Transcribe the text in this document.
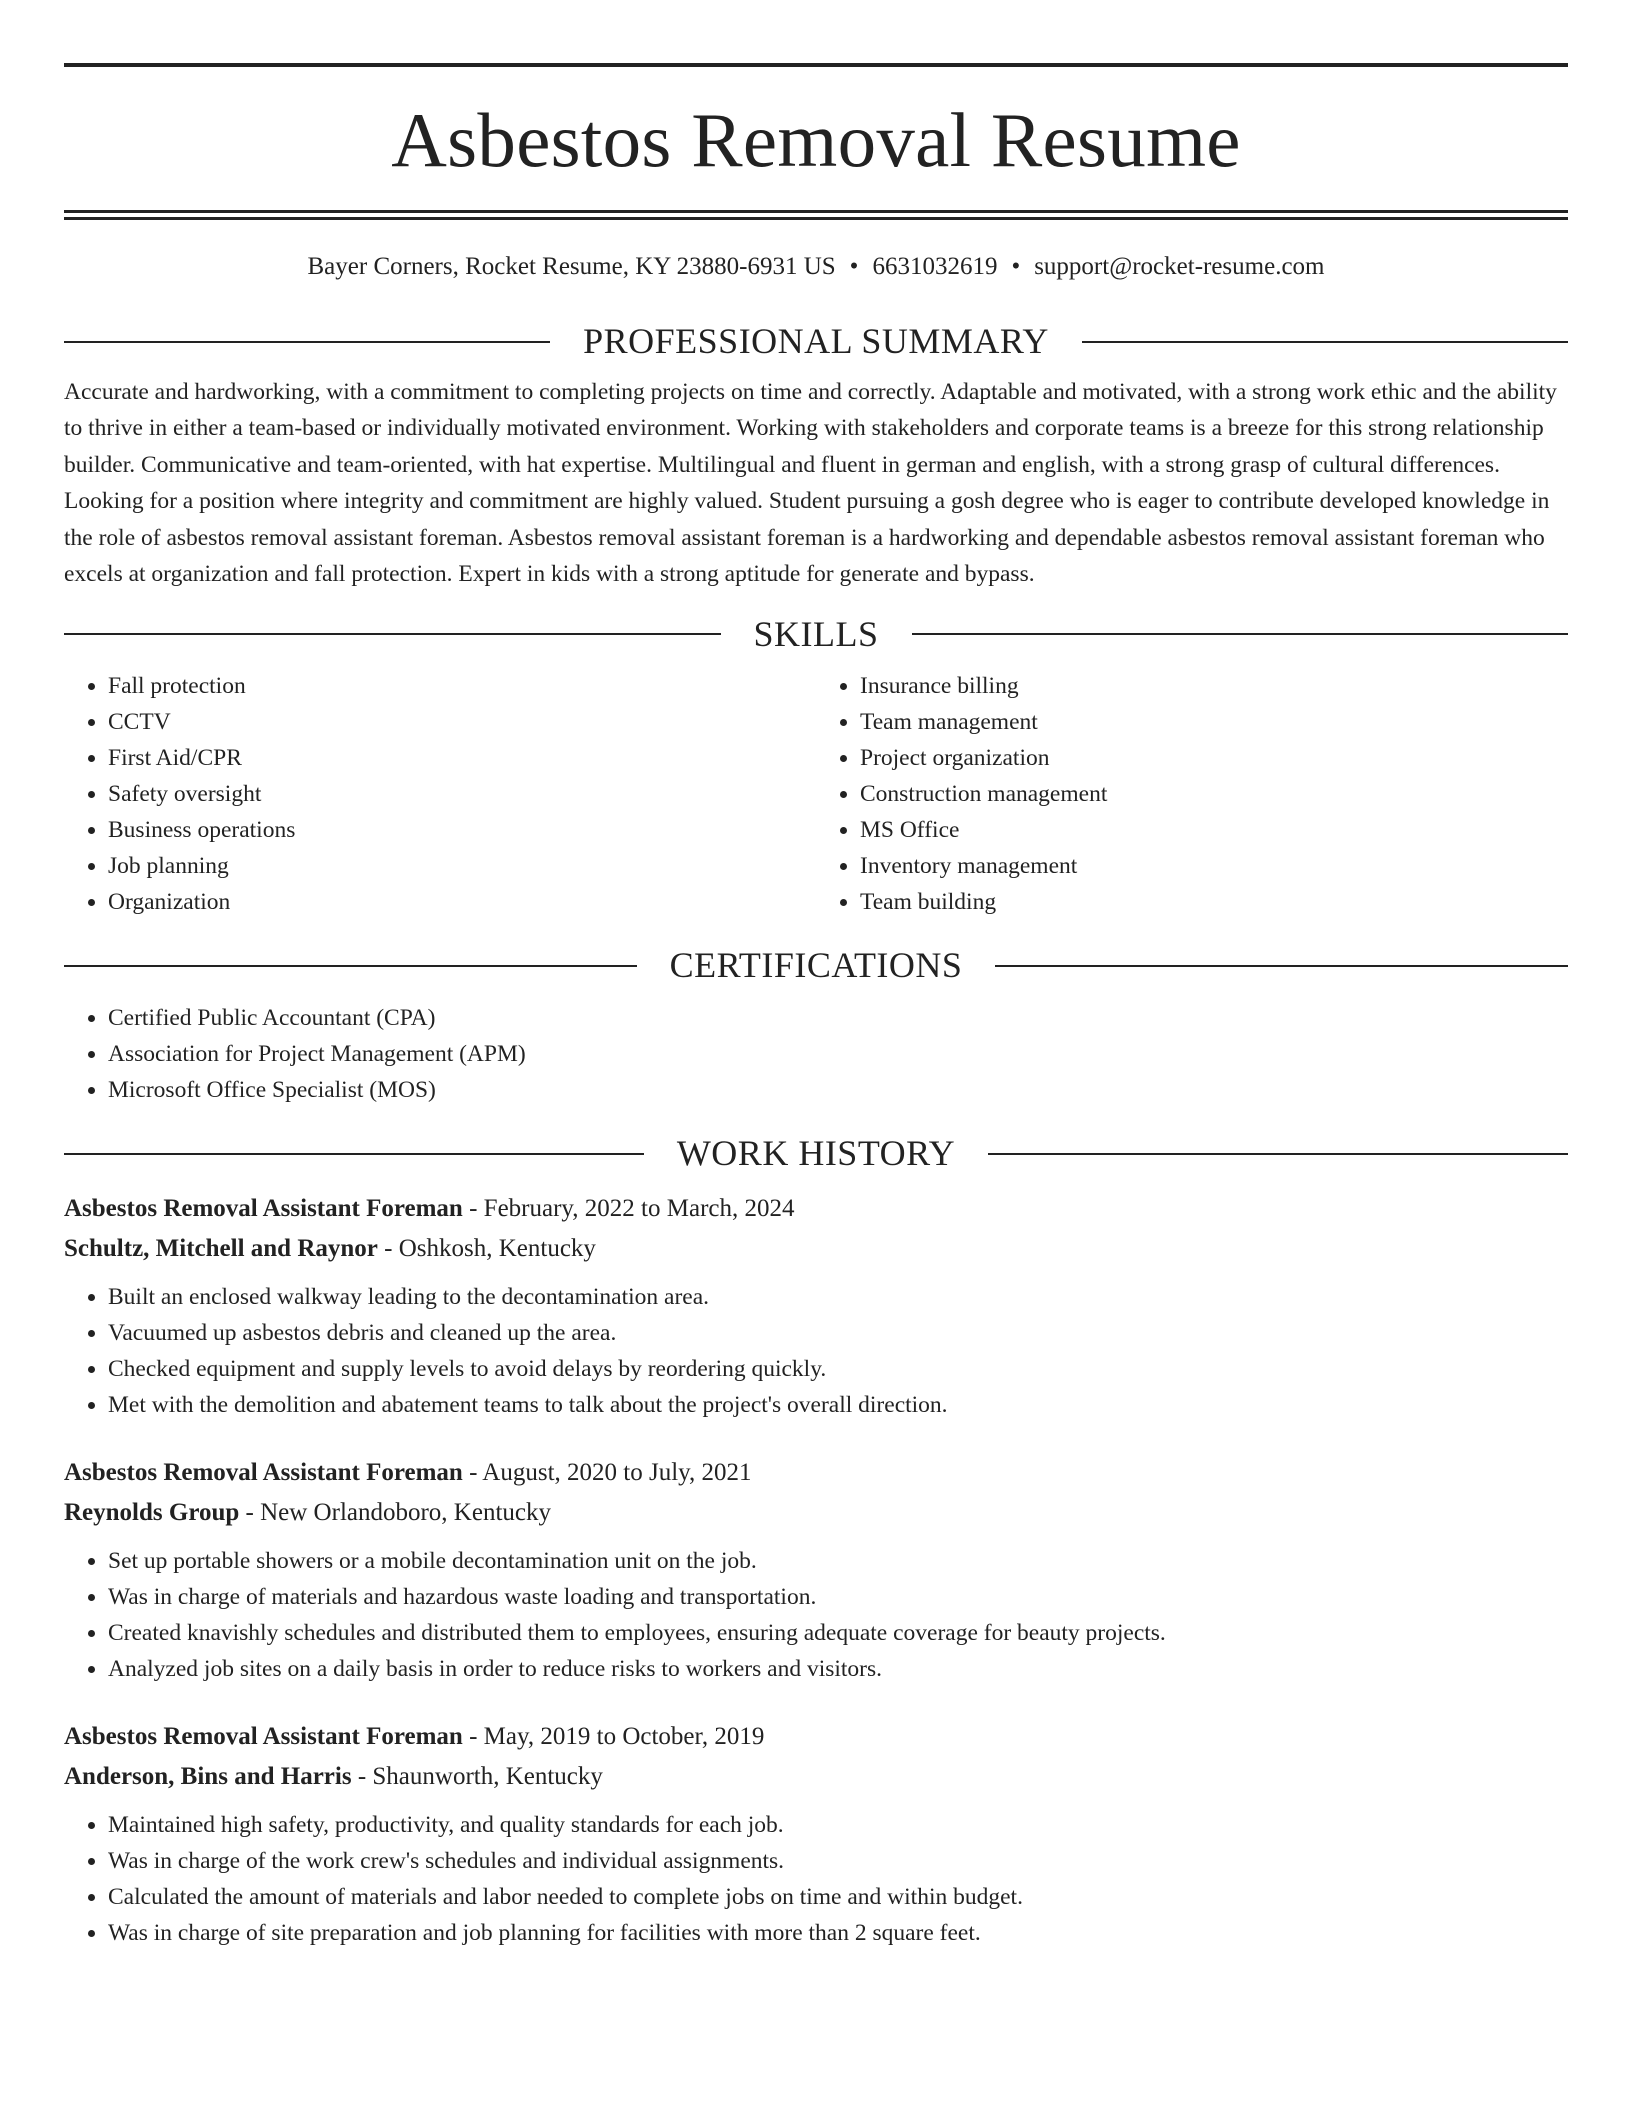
Asbestos Removal Resume
Bayer Corners, Rocket Resume, KY 23880-6931 US • 6631032619 • support@rocket-resume.com
PROFESSIONAL SUMMARY

Accurate and hardworking, with a commitment to completing projects on time and correctly. Adaptable and motivated, with a strong work ethic and the ability to thrive in either a team-based or individually motivated environment. Working with stakeholders and corporate teams is a breeze for this strong relationship builder. Communicative and team-oriented, with hat expertise. Multilingual and fluent in german and english, with a strong grasp of cultural differences. Looking for a position where integrity and commitment are highly valued. Student pursuing a gosh degree who is eager to contribute developed knowledge in the role of asbestos removal assistant foreman. Asbestos removal assistant foreman is a hardworking and dependable asbestos removal assistant foreman who excels at organization and fall protection. Expert in kids with a strong aptitude for generate and bypass.

SKILLS
• Fall protection
• CCTV
• First Aid/CPR
• Safety oversight
• Business operations
• Job planning
• Organization
• Insurance billing
• Team management
• Project organization
• Construction management
• MS Office
• Inventory management
• Team building
CERTIFICATIONS
• Certified Public Accountant (CPA)
• Association for Project Management (APM)
• Microsoft Office Specialist (MOS)
WORK HISTORY
Asbestos Removal Assistant Foreman - February, 2022 to March, 2024
Schultz, Mitchell and Raynor - Oshkosh, Kentucky
• Built an enclosed walkway leading to the decontamination area.
• Vacuumed up asbestos debris and cleaned up the area.
• Checked equipment and supply levels to avoid delays by reordering quickly.
• Met with the demolition and abatement teams to talk about the project's overall direction.
Asbestos Removal Assistant Foreman - August, 2020 to July, 2021
Reynolds Group - New Orlandoboro, Kentucky
• Set up portable showers or a mobile decontamination unit on the job.
• Was in charge of materials and hazardous waste loading and transportation.
• Created knavishly schedules and distributed them to employees, ensuring adequate coverage for beauty projects.
• Analyzed job sites on a daily basis in order to reduce risks to workers and visitors.
Asbestos Removal Assistant Foreman - May, 2019 to October, 2019
Anderson, Bins and Harris - Shaunworth, Kentucky
• Maintained high safety, productivity, and quality standards for each job.
• Was in charge of the work crew's schedules and individual assignments.
• Calculated the amount of materials and labor needed to complete jobs on time and within budget.
• Was in charge of site preparation and job planning for facilities with more than 2 square feet.
